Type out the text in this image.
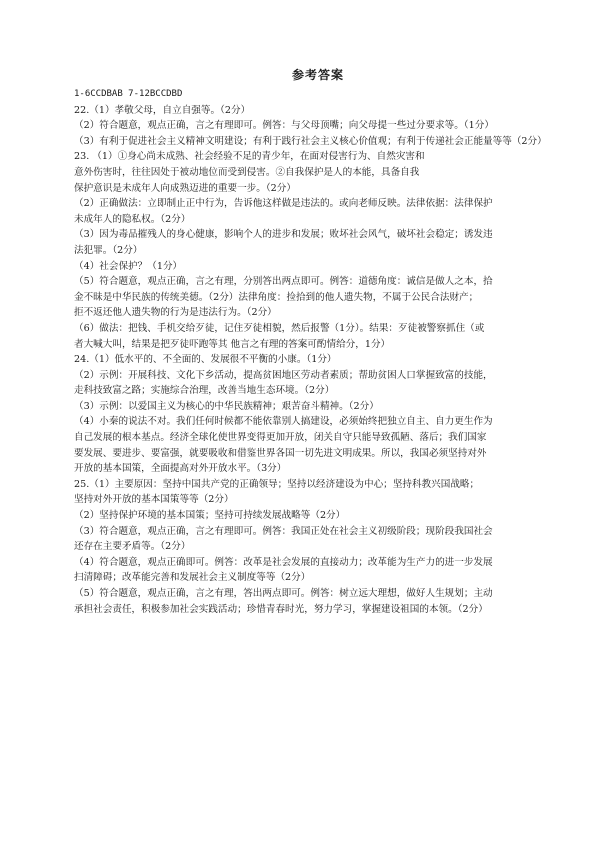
参考答案
1-6CCDBAB 7-12BCCDBD
22.（1）孝敬父母，自立自强等。（2分）
（2）符合题意，观点正确，言之有理即可。例答：与父母顶嘴；向父母提一些过分要求等。（1分）
（3）有利于促进社会主义精神文明建设；有利于践行社会主义核心价值观；有利于传递社会正能量等等（2分）
23. （1）①身心尚未成熟、社会经验不足的青少年，在面对侵害行为、自然灾害和
意外伤害时，往往因处于被动地位而受到侵害。②自我保护是人的本能，具备自我
保护意识是未成年人向成熟迈进的重要一步。（2分）
（2）正确做法：立即制止正中行为，告诉他这样做是违法的。或向老师反映。法律依据：法律保护
未成年人的隐私权。（2分）
（3）因为毒品摧残人的身心健康，影响个人的进步和发展；败坏社会风气，破坏社会稳定；诱发违
法犯罪。（2分）
（4）社会保护？（1分）
（5）符合题意，观点正确，言之有理，分别答出两点即可。例答：道德角度：诚信是做人之本，拾
金不昧是中华民族的传统美德。（2分）法律角度：捡拾到的他人遗失物，不属于公民合法财产；
拒不返还他人遗失物的行为是违法行为。（2分）
（6）做法：把钱、手机交给歹徒，记住歹徒相貌，然后报警（1分）。结果：歹徒被警察抓住（或
者大喊大叫，结果是把歹徒吓跑等其 他言之有理的答案可酌情给分，1分）
24.（1）低水平的、不全面的、发展很不平衡的小康。（1分）
（2）示例：开展科技、文化下乡活动，提高贫困地区劳动者素质；帮助贫困人口掌握致富的技能，
走科技致富之路；实施综合治理，改善当地生态环境。（2分）
（3）示例：以爱国主义为核心的中华民族精神；艰苦奋斗精神。（2分）
（4）小秦的说法不对。我们任何时候都不能依靠别人搞建设，必须始终把独立自主、自力更生作为
自己发展的根本基点。经济全球化使世界变得更加开放，闭关自守只能导致孤陋、落后；我们国家
要发展、要进步、要富强，就要吸收和借鉴世界各国一切先进文明成果。所以，我国必须坚持对外
开放的基本国策，全面提高对外开放水平。（3分）
25.（1）主要原因：坚持中国共产党的正确领导；坚持以经济建设为中心；坚持科教兴国战略；
坚持对外开放的基本国策等等（2分）
（2）坚持保护环境的基本国策；坚持可持续发展战略等（2分）
（3）符合题意，观点正确，言之有理即可。例答：我国正处在社会主义初级阶段；现阶段我国社会
还存在主要矛盾等。（2分）
（4）符合题意，观点正确即可。例答：改革是社会发展的直接动力；改革能为生产力的进一步发展
扫清障碍；改革能完善和发展社会主义制度等等（2分）
（5）符合题意，观点正确，言之有理，答出两点即可。例答：树立远大理想，做好人生规划；主动
承担社会责任，积极参加社会实践活动；珍惜青春时光，努力学习，掌握建设祖国的本领。（2分）
